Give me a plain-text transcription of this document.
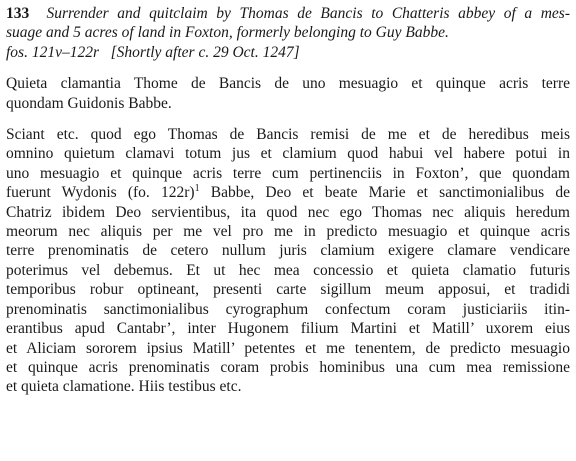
133 Surrender and quitclaim by Thomas de Bancis to Chatteris abbey of a mes-
suage and 5 acres of land in Foxton, formerly belonging to Guy Babbe.
fos. 121v–122r [Shortly after c. 29 Oct. 1247]
Quieta clamantia Thome de Bancis de uno mesuagio et quinque acris terre
quondam Guidonis Babbe.
Sciant etc. quod ego Thomas de Bancis remisi de me et de heredibus meis
omnino quietum clamavi totum jus et clamium quod habui vel habere potui in
uno mesuagio et quinque acris terre cum pertinenciis in Foxton’, que quondam
fuerunt Wydonis (fo. 122r)$^1$ Babbe, Deo et beate Marie et sanctimonialibus de
Chatriz ibidem Deo servientibus, ita quod nec ego Thomas nec aliquis heredum
meorum nec aliquis per me vel pro me in predicto mesuagio et quinque acris
terre prenominatis de cetero nullum juris clamium exigere clamare vendicare
poterimus vel debemus. Et ut hec mea concessio et quieta clamatio futuris
temporibus robur optineant, presenti carte sigillum meum apposui, et tradidi
prenominatis sanctimonialibus cyrographum confectum coram justiciariis itin-
erantibus apud Cantabr’, inter Hugonem filium Martini et Matill’ uxorem eius
et Aliciam sororem ipsius Matill’ petentes et me tenentem, de predicto mesuagio
et quinque acris prenominatis coram probis hominibus una cum mea remissione
et quieta clamatione. Hiis testibus etc.
